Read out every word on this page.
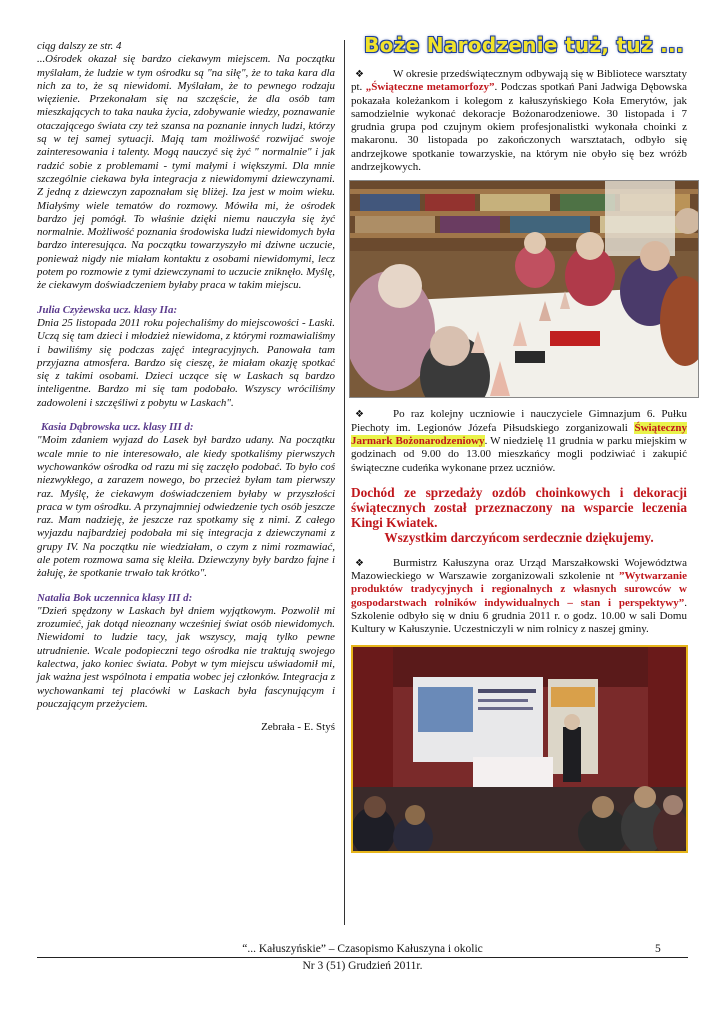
ciąg dalszy ze str. 4

...Ośrodek okazał się bardzo ciekawym miejscem. Na początku myślałam, że ludzie w tym ośrodku są "na siłę", że to taka kara dla nich za to, że są niewidomi. Myślałam, że to pewnego rodzaju więzienie. Przekonałam się na szczęście, że dla osób tam mieszkających to taka nauka życia, zdobywanie wiedzy, poznawanie otaczającego świata czy też szansa na poznanie innych ludzi, którzy są w tej samej sytuacji. Mają tam możliwość rozwijać swoje zainteresowania i talenty. Mogą nauczyć się żyć " normalnie" i jak radzić sobie z problemami - tymi małymi i większymi. Dla mnie szczególnie ciekawa była integracja z niewidomymi dziewczynami. Z jedną z dziewczyn zapoznałam się bliżej. Iza jest w moim wieku. Miałyśmy wiele tematów do rozmowy. Mówiła mi, że ośrodek bardzo jej pomógł. To właśnie dzięki niemu nauczyła się żyć normalnie. Możliwość poznania środowiska ludzi niewidomych była bardzo interesująca. Na początku towarzyszyło mi dziwne uczucie, ponieważ nigdy nie miałam kontaktu z osobami niewidomymi, lecz potem po rozmowie z tymi dziewczynami to uczucie zniknęło. Myślę, że ciekawym doświadczeniem byłaby praca w takim miejscu.

Julia Czyżewska ucz. klasy IIa:

Dnia 25 listopada 2011 roku pojechaliśmy do miejscowości - Laski. Uczą się tam dzieci i młodzież niewidoma, z którymi rozmawialiśmy i bawiliśmy się podczas zajęć integracyjnych. Panowała tam przyjazna atmosfera. Bardzo się cieszę, że miałam okazję spotkać się z takimi osobami. Dzieci uczące się w Laskach są bardzo inteligentne. Bardzo mi się tam podobało. Wszyscy wróciliśmy zadowoleni i szczęśliwi z pobytu w Laskach".

Kasia Dąbrowska ucz. klasy III d:

"Moim zdaniem wyjazd do Lasek był bardzo udany. Na początku wcale mnie to nie interesowało, ale kiedy spotkaliśmy pierwszych wychowanków ośrodka od razu mi się zaczęło podobać. To było coś niezwykłego, a zarazem nowego, bo przecież byłam tam pierwszy raz. Myślę, że ciekawym doświadczeniem byłaby w przyszłości praca w tym ośrodku. A przynajmniej odwiedzenie tych osób jeszcze raz. Mam nadzieję, że jeszcze raz spotkamy się z nimi. Z całego wyjazdu najbardziej podobała mi się integracja z dziewczynami z grupy IV. Na początku nie wiedziałam, o czym z nimi rozmawiać, ale potem rozmowa sama się kleiła. Dziewczyny były bardzo fajne i żałuję, że spotkanie trwało tak krótko".

Natalia Bok uczennica klasy III d:

"Dzień spędzony w Laskach był dniem wyjątkowym. Pozwolił mi zrozumieć, jak dotąd nieoznany wcześniej świat osób niewidomych. Niewidomi to ludzie tacy, jak wszyscy, mają tylko pewne utrudnienie. Wcale podopieczni tego ośrodka nie traktują swojego kalectwa, jako koniec świata. Pobyt w tym miejscu uświadomił mi, jak ważna jest wspólnota i empatia wobec jej członków. Integracja z wychowankami tej placówki w Laskach była fascynującym i pouczającym przeżyciem.

Zebrała - E. Styś

Boże Narodzenie tuż, tuż ...

❖	W okresie przedświątecznym odbywają się w Bibliotece warsztaty pt. „Świąteczne metamorfozy”. Podczas spotkań Pani Jadwiga Dębowska pokazała koleżankom i kolegom z kałuszyńskiego Koła Emerytów, jak samodzielnie wykonać dekoracje Bożonarodzeniowe. 30 listopada i 7 grudnia grupa pod czujnym okiem profesjonalistki wykonała choinki z makaronu. 30 listopada po zakończonych warsztatach, odbyło się andrzejkowe spotkanie towarzyskie, na którym nie obyło się bez wróżb andrzejkowych.

❖	Po raz kolejny uczniowie i nauczyciele Gimnazjum 6. Pułku Piechoty im. Legionów Józefa Piłsudskiego zorganizowali Świąteczny Jarmark Bożonarodzeniowy. W niedzielę 11 grudnia w parku miejskim w godzinach od 9.00 do 13.00 mieszkańcy mogli podziwiać i zakupić świąteczne cudeńka wykonane przez uczniów.

Dochód ze sprzedaży ozdób choinkowych i dekoracji świątecznych został przeznaczony na wsparcie leczenia Kingi Kwiatek.
Wszystkim darczyńcom serdecznie dziękujemy.

❖	Burmistrz Kałuszyna oraz Urząd Marszałkowski Województwa Mazowieckiego w Warszawie zorganizowali szkolenie nt ”Wytwarzanie produktów tradycyjnych i regionalnych z własnych surowców w gospodarstwach rolników indywidualnych – stan i perspektywy”. Szkolenie odbyło się w dniu 6 grudnia 2011 r. o godz. 10.00 w sali Domu Kultury w Kałuszynie. Uczestniczyli w nim rolnicy z naszej gminy.

“... Kałuszyńskie” – Czasopismo Kałuszyna i okolic	5
Nr 3 (51) Grudzień 2011r.
